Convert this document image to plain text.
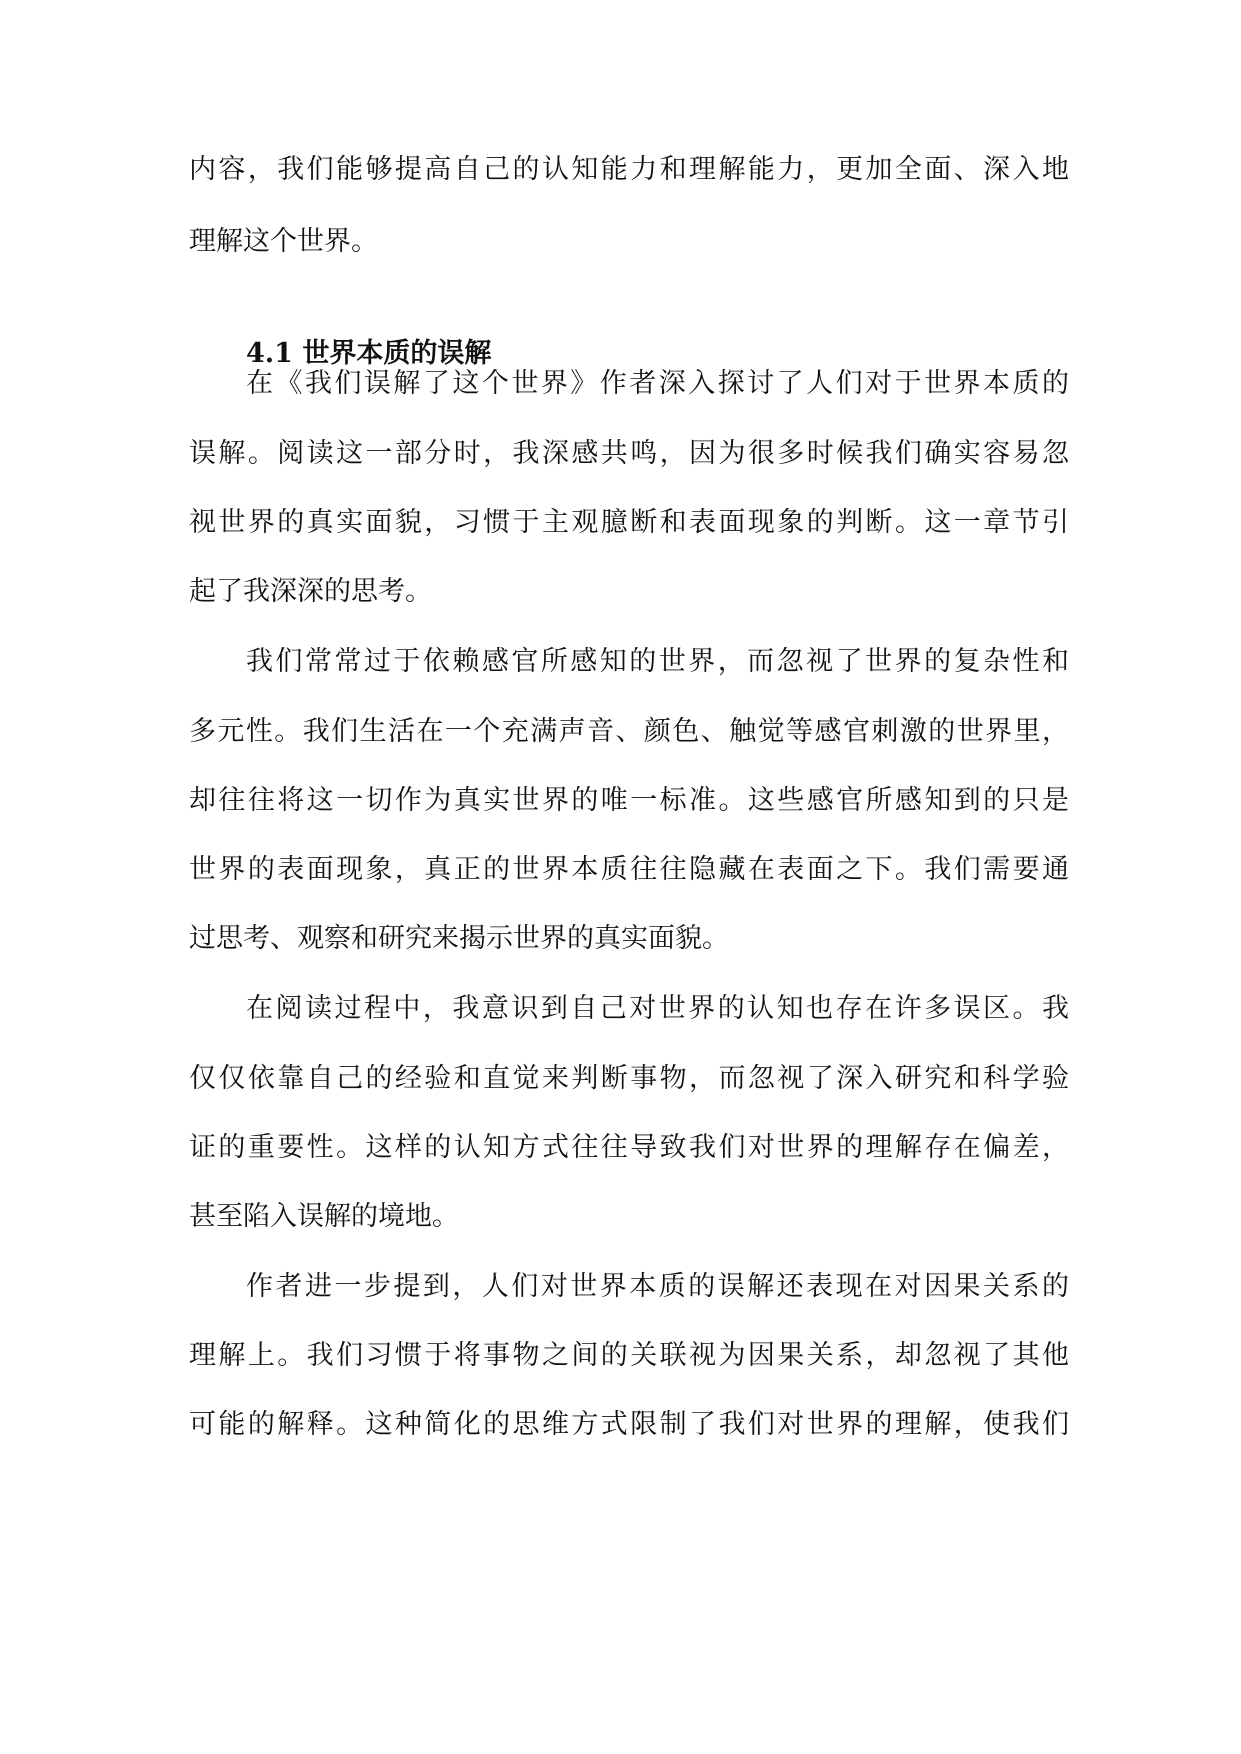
内容，我们能够提高自己的认知能力和理解能力，更加全面、深入地
理解这个世界。
4.1 世界本质的误解
在《我们误解了这个世界》作者深入探讨了人们对于世界本质的
误解。阅读这一部分时，我深感共鸣，因为很多时候我们确实容易忽
视世界的真实面貌，习惯于主观臆断和表面现象的判断。这一章节引
起了我深深的思考。
我们常常过于依赖感官所感知的世界，而忽视了世界的复杂性和
多元性。我们生活在一个充满声音、颜色、触觉等感官刺激的世界里，
却往往将这一切作为真实世界的唯一标准。这些感官所感知到的只是
世界的表面现象，真正的世界本质往往隐藏在表面之下。我们需要通
过思考、观察和研究来揭示世界的真实面貌。
在阅读过程中，我意识到自己对世界的认知也存在许多误区。我
仅仅依靠自己的经验和直觉来判断事物，而忽视了深入研究和科学验
证的重要性。这样的认知方式往往导致我们对世界的理解存在偏差，
甚至陷入误解的境地。
作者进一步提到，人们对世界本质的误解还表现在对因果关系的
理解上。我们习惯于将事物之间的关联视为因果关系，却忽视了其他
可能的解释。这种简化的思维方式限制了我们对世界的理解，使我们
